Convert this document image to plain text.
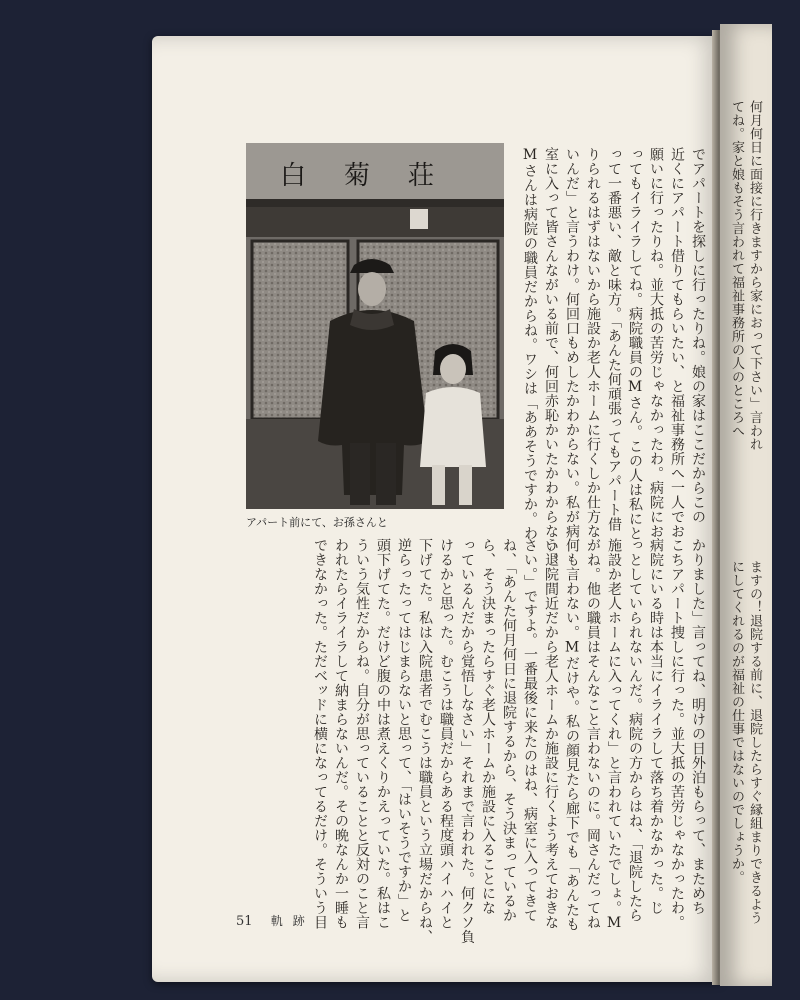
何月何日に面接に行きますから家におって下さい」言われ
てね。家と娘もそう言われて福祉事務所の人のところへ
ますの！退院する前に、退院したらすぐ縁組まりできるよう
にしてくれるのが福祉の仕事ではないのでしょうか。
白菊荘
アパート前にて、お孫さんと	でアパートを探しに行ったりね。娘の家はここだからこの
近くにアパート借りてもらいたい、と福祉事務所へ一人でお
願いに行ったりね。並大抵の苦労じゃなかったわ。病院にお
ってもイライラしてね。病院職員のMさん。この人は私にと
って一番悪い、敵と味方。「あんた何頑張ってもアパート借
りられるはずはないから施設か老人ホームに行くしか仕方な
いんだ」と言うわけ。何回口もめしたかわからない。私が病
室に入って皆さんながいる前で、何回赤恥かいたかわからない。
Mさんは病院の職員だからね。ワシは「ああそうですか。わ
かりました」言ってね、明けの日外泊もらって、まためち
こちアパート捜しに行った。並大抵の苦労じゃなかったわ。
病院にいる時は本当にイライラして落ち着かなかった。じ
っとしていられないんだ。病院の方からはね、「退院したら
施設か老人ホームに入ってくれ」と言われていたでしょ。M
がね。他の職員はそんなこと言わないのに。岡さんだってね
何も言わない。Mだけや。私の顔見たら廊下でも「あんたも
う退院間近だから老人ホームか施設に行くよう考えておきな
さい。」ですよ。一番最後に来たのはね、病室に入ってきて
ね、「あんた何月何日に退院するから、そう決まっているか
ら、そう決まったらすぐ老人ホームか施設に入ることにな
っているんだから覚悟しなさい」それまで言われた。何クソ負
けるかと思った。むこうは職員だからある程度頭ハイハイと
下げてた。私は入院患者でむこうは職員という立場だからね、
逆らったってはじまらないと思って、「はいそうですか」と
頭下げてた。だけど腹の中は煮えくりかえっていた。私はこ
ういう気性だからね。自分が思っていることと反対のこと言
われたらイライラして納まらないんだ。その晩なんか一睡も
できなかった。ただベッドに横になってるだけ。そういう目
51 軌跡
